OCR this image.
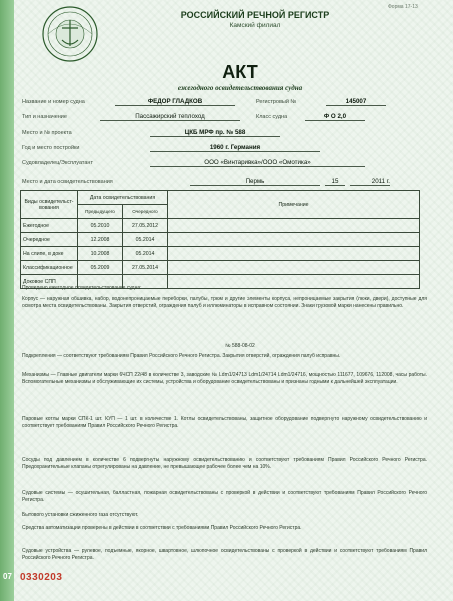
Форма 17-13
РОССИЙСКИЙ РЕЧНОЙ РЕГИСТР
Камский филиал
АКТ
ежегодного освидетельствования судна
Название и номер судна	ФЕДОР ГЛАДКОВ	Регистровый №	145007
Тип и назначение	Пассажирский теплоход	Класс судна	Ф О 2,0
Место и № проекта	ЦКБ МРФ пр. № 588
Год и место постройки	1960 г. Германия
Судовладелец/Эксплуатант	ООО «Винтаривка»/ООО «Омотика»
Место и дата освидетельствования	Пермь	15	2011 г.
Виды освидетельст-вования	Дата освидетельствования		Примечание
	Предыдущего	Очередного	
Ежегодное	05.2010	27.05.2012	
Очередное	12.2008	05.2014	
На слипе, в доке	10.2008	05.2014	
Классификационное	05.2009	27.05.2014	
Доковое СПП			
Проведено ежегодное освидетельствование судна:
Корпус — наружная обшивка, набор, водонепроницаемые переборки, палубы, трюм и другие элементы корпуса, непроницаемые закрытия (люки, двери), доступные для осмотра места освидетельствованы. Закрытия отверстий, ограждения палуб и иллюминаторы в исправном состоянии. Знаки грузовой марки нанесены правильно.
№ 588-08-02
Подкрепления — соответствуют требованиям Правил Российского Речного Регистра. Закрытия отверстий, ограждения палуб исправны.
Механизмы — Главные двигатели марки 6ЧСП 22/48 в количестве 3, заводские № Ldm1/24713 Ldm1/24714 Ldm1/24716, мощностью 111677, 109676, 112008, часы работы. Вспомогательные механизмы и обслуживающие их системы, устройства и оборудование освидетельствованы и признаны годными к дальнейшей эксплуатации.
Паровые котлы марки СПК-1 шт. КУП — 1 шт. в количестве 1. Котлы освидетельствованы, защитное оборудование подвергнуто наружному освидетельствованию и соответствует требованиям Правил Российского Речного Регистра.
Сосуды под давлением в количестве 6 подвергнуты наружному освидетельствованию и соответствуют требованиям Правил Российского Речного Регистра. Предохранительные клапаны отрегулированы на давление, не превышающее рабочее более чем на 10%.
Судовые системы — осушительная, балластная, пожарная освидетельствованы с проверкой в действии и соответствуют требованиям Правил Российского Речного Регистра.
Бытового установки сжиженного газа отсутствуют.
Средства автоматизации проверены в действии в соответствии с требованиями Правил Российского Речного Регистра.
Судовые устройства — рулевое, подъемные, якорное, швартовное, шлюпочное освидетельствованы с проверкой в действии и соответствуют требованиям Правил Российского Речного Регистра.
07 0330203
